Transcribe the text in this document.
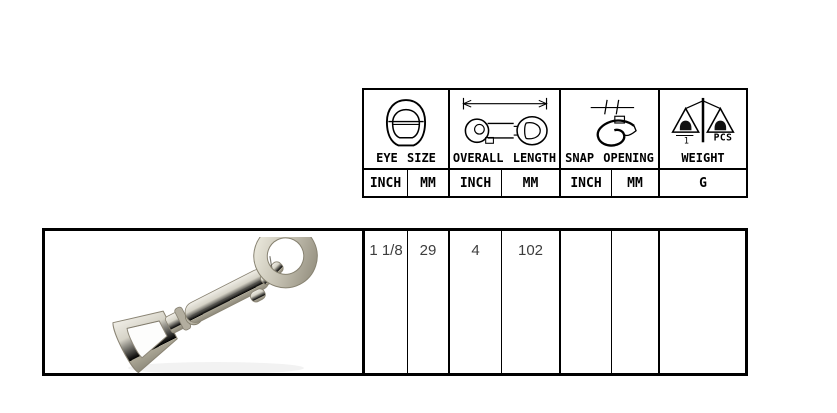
EYE SIZE OVERALL LENGTH SNAP OPENING
1 PCS
WEIGHT
INCH	MM	INCH	MM	INCH	MM	G
1 1/8	29	4	102
